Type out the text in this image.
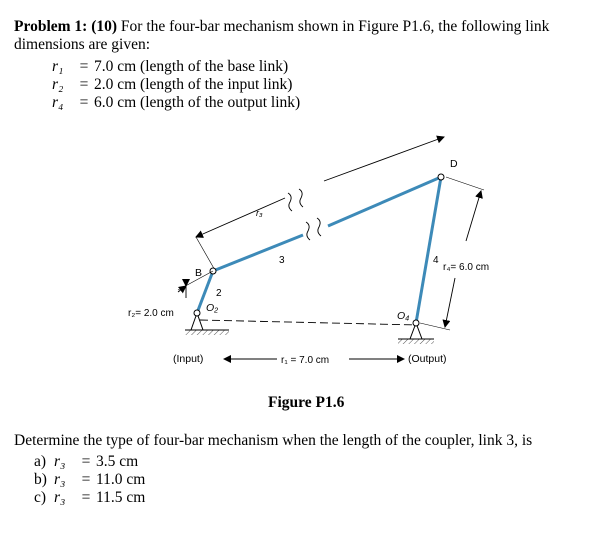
Problem 1: (10) For the four-bar mechanism shown in Figure P1.6, the following link
dimensions are given:
r₁ = 7.0 cm (length of the base link)
r₂ = 2.0 cm (length of the input link)
r₄ = 6.0 cm (length of the output link)
r₃
3
2
B
4
D
r₄= 6.0 cm
O₂
O₄
r₂= 2.0 cm
r₁ = 7.0 cm
(Input)	(Output)
Figure P1.6
Determine the type of four-bar mechanism when the length of the coupler, link 3, is
a) r₃ = 3.5 cm
b) r₃ = 11.0 cm
c) r₃ = 11.5 cm
